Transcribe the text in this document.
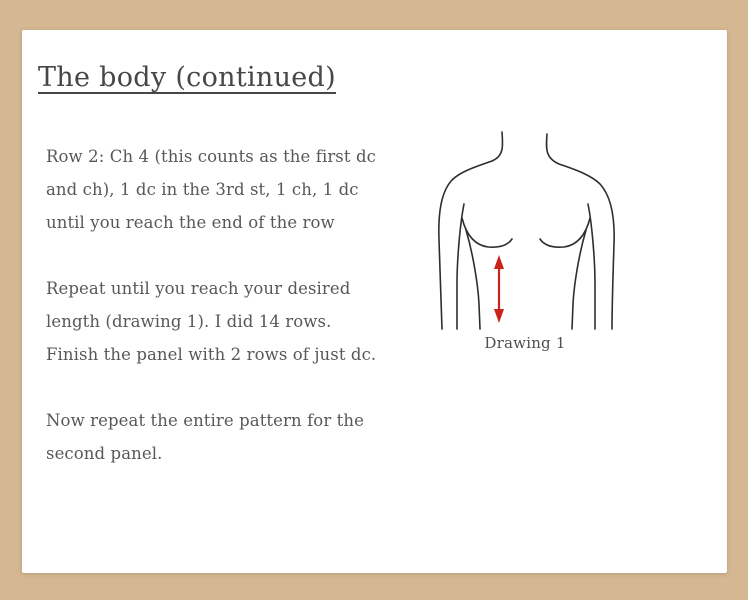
The body (continued)

Row 2: Ch 4 (this counts as the first dc
and ch), 1 dc in the 3rd st, 1 ch, 1 dc
until you reach the end of the row

Repeat until you reach your desired
length (drawing 1). I did 14 rows.
Finish the panel with 2 rows of just dc.

Now repeat the entire pattern for the
second panel.

Drawing 1
